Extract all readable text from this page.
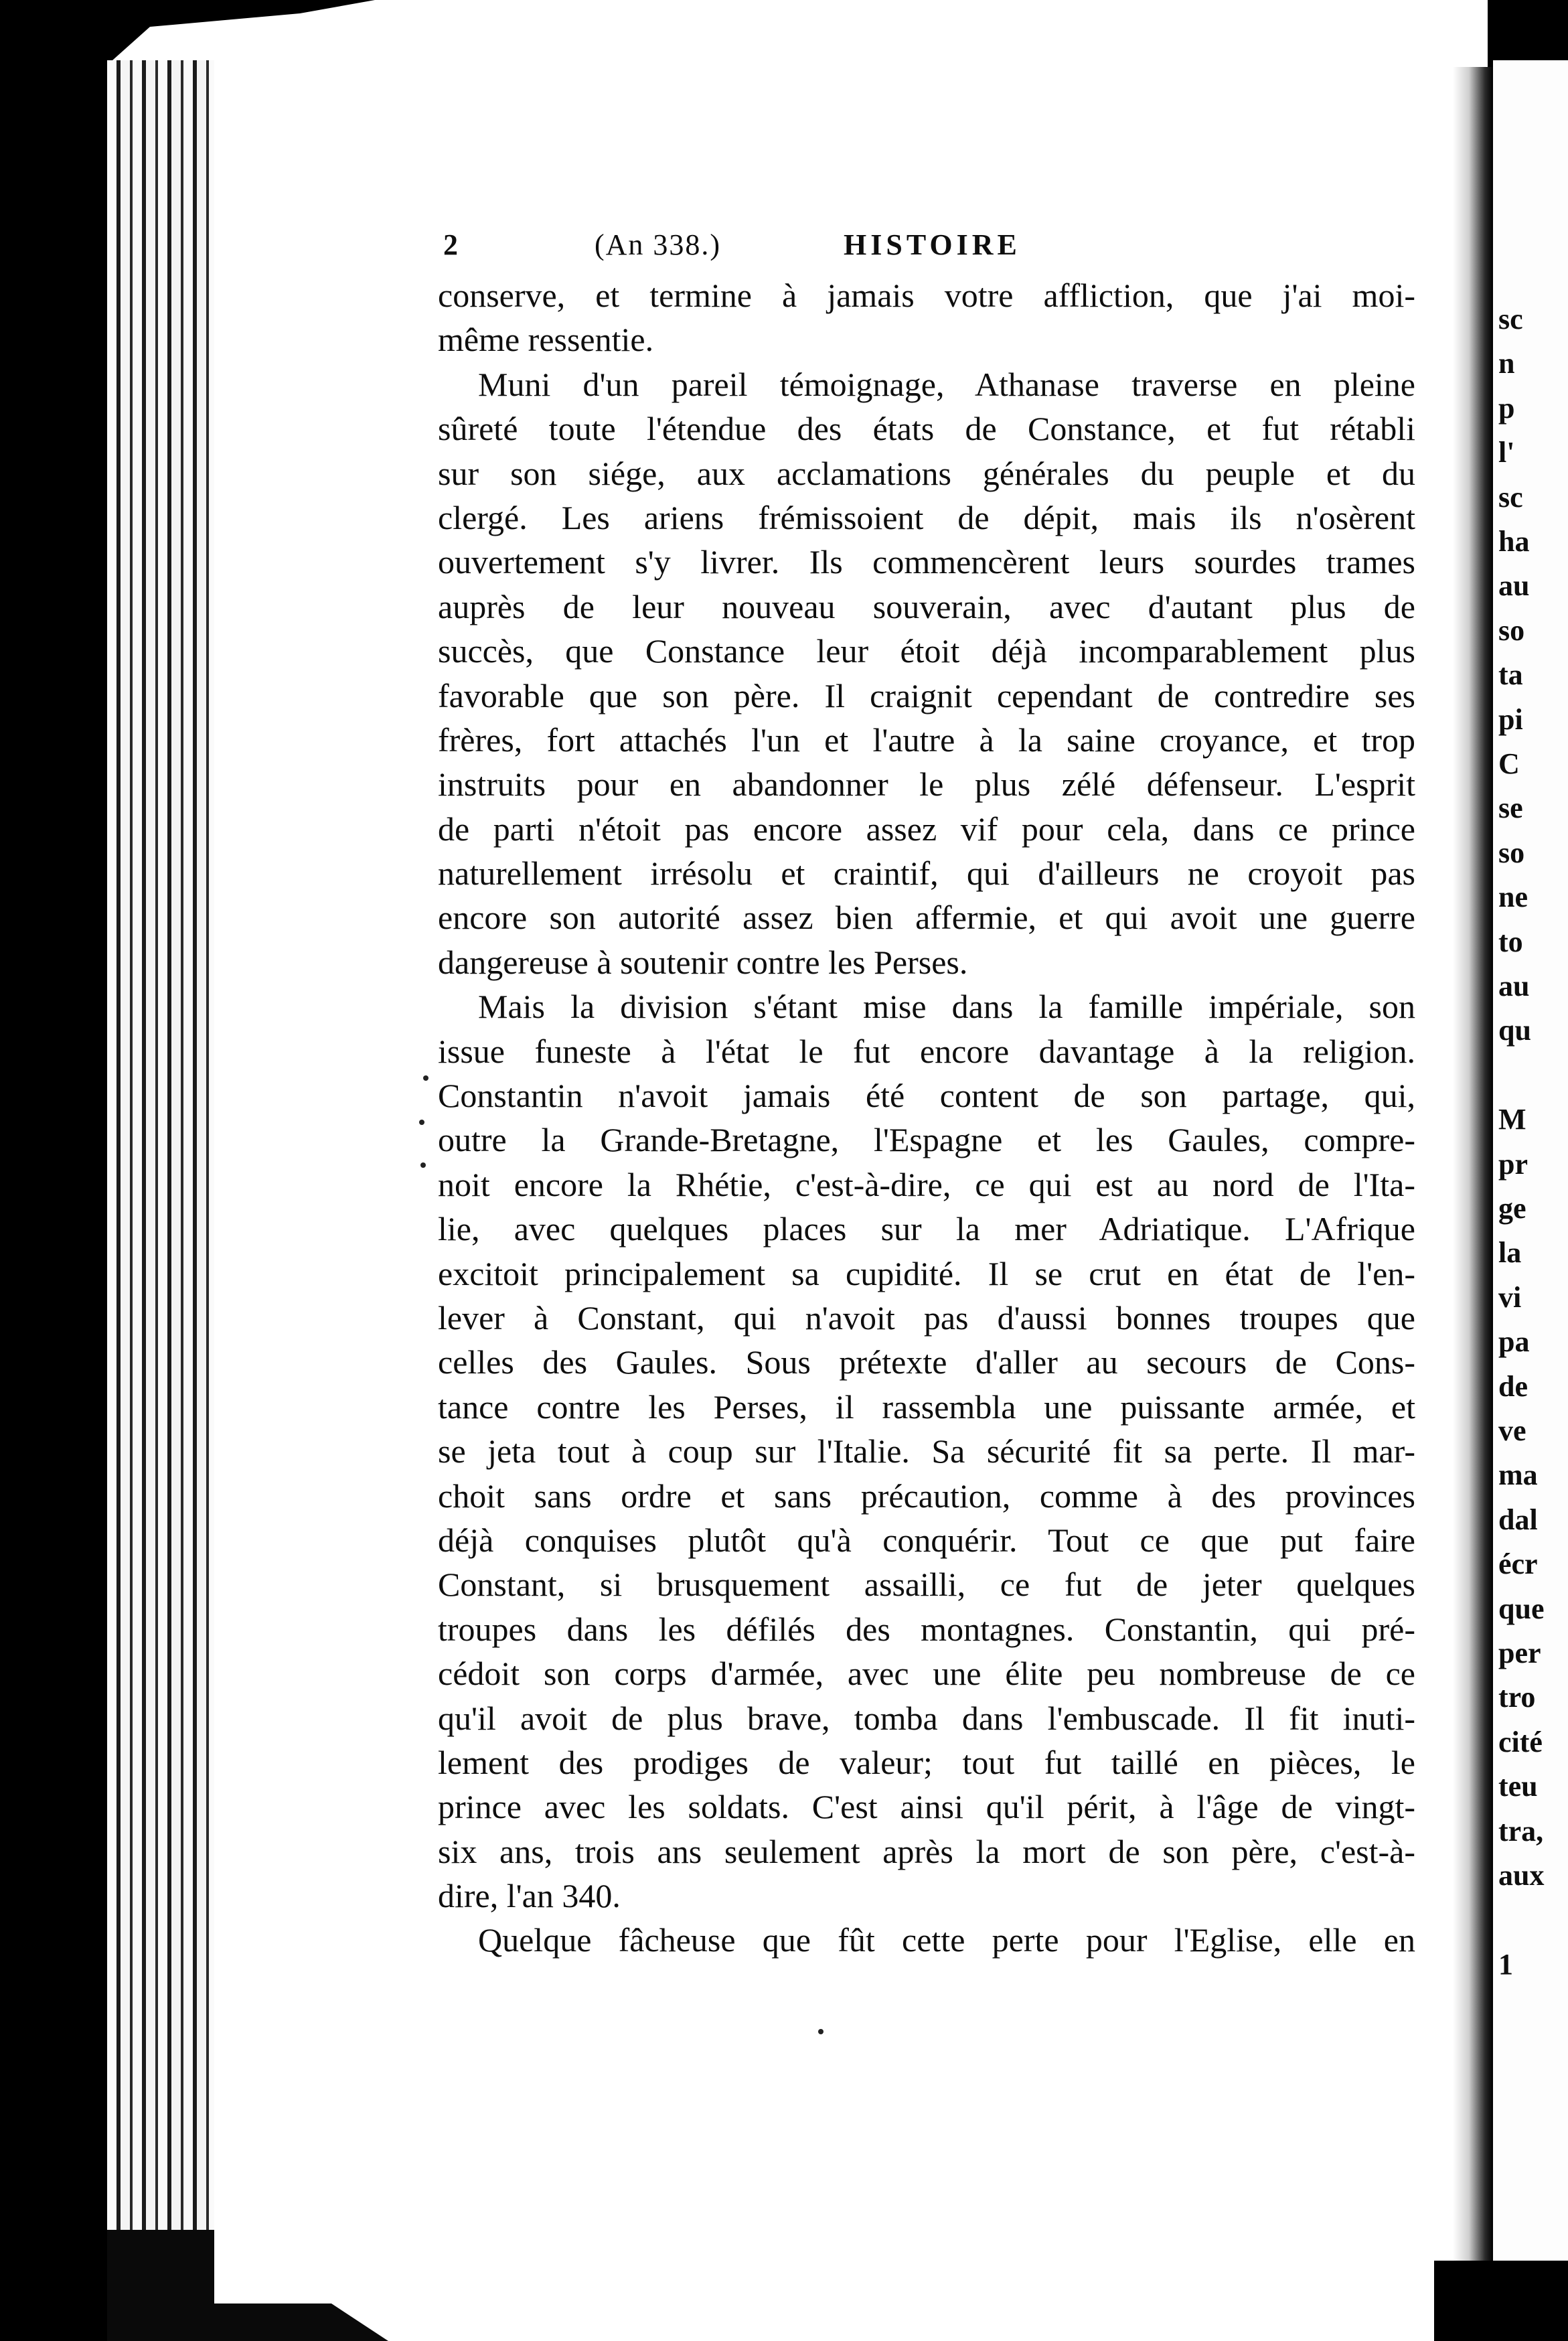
2	(An 338.)	HISTOIRE
conserve, et termine à jamais votre affliction, que j'ai moi-
même ressentie.
Muni d'un pareil témoignage, Athanase traverse en pleine
sûreté toute l'étendue des états de Constance, et fut rétabli
sur son siége, aux acclamations générales du peuple et du
clergé. Les ariens frémissoient de dépit, mais ils n'osèrent
ouvertement s'y livrer. Ils commencèrent leurs sourdes trames
auprès de leur nouveau souverain, avec d'autant plus de
succès, que Constance leur étoit déjà incomparablement plus
favorable que son père. Il craignit cependant de contredire ses
frères, fort attachés l'un et l'autre à la saine croyance, et trop
instruits pour en abandonner le plus zélé défenseur. L'esprit
de parti n'étoit pas encore assez vif pour cela, dans ce prince
naturellement irrésolu et craintif, qui d'ailleurs ne croyoit pas
encore son autorité assez bien affermie, et qui avoit une guerre
dangereuse à soutenir contre les Perses.
Mais la division s'étant mise dans la famille impériale, son
issue funeste à l'état le fut encore davantage à la religion.
Constantin n'avoit jamais été content de son partage, qui,
outre la Grande-Bretagne, l'Espagne et les Gaules, compre-
noit encore la Rhétie, c'est-à-dire, ce qui est au nord de l'Ita-
lie, avec quelques places sur la mer Adriatique. L'Afrique
excitoit principalement sa cupidité. Il se crut en état de l'en-
lever à Constant, qui n'avoit pas d'aussi bonnes troupes que
celles des Gaules. Sous prétexte d'aller au secours de Cons-
tance contre les Perses, il rassembla une puissante armée, et
se jeta tout à coup sur l'Italie. Sa sécurité fit sa perte. Il mar-
choit sans ordre et sans précaution, comme à des provinces
déjà conquises plutôt qu'à conquérir. Tout ce que put faire
Constant, si brusquement assailli, ce fut de jeter quelques
troupes dans les défilés des montagnes. Constantin, qui pré-
cédoit son corps d'armée, avec une élite peu nombreuse de ce
qu'il avoit de plus brave, tomba dans l'embuscade. Il fit inuti-
lement des prodiges de valeur; tout fut taillé en pièces, le
prince avec les soldats. C'est ainsi qu'il périt, à l'âge de vingt-
six ans, trois ans seulement après la mort de son père, c'est-à-
dire, l'an 340.
Quelque fâcheuse que fût cette perte pour l'Eglise, elle en
sc
n
p
l'
sc
ha
au
so
ta
pi
C
se
so
ne
to
au
qu
M
pr
ge
la
vi
pa
de
ve
ma
dal
écr
que
per
tro
cité
teu
tra,
aux
1
